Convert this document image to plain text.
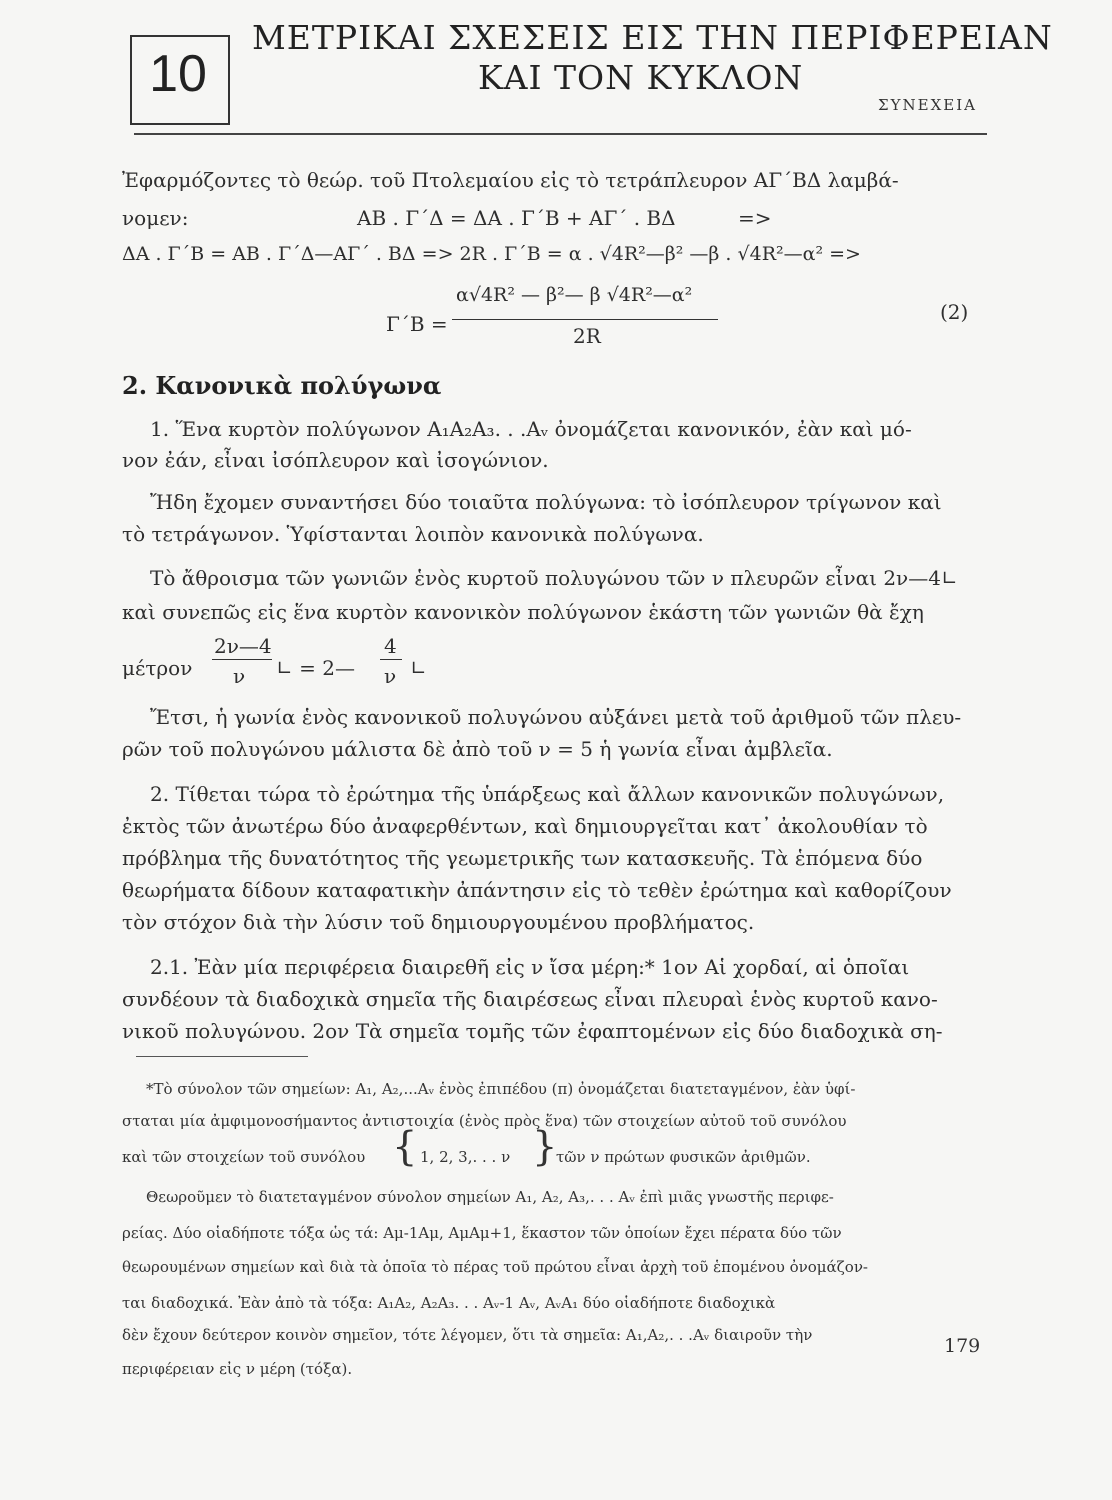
10
ΜΕΤΡΙΚΑΙ ΣΧΕΣΕΙΣ ΕΙΣ ΤΗΝ ΠΕΡΙΦΕΡΕΙΑΝ
ΚΑΙ ΤΟΝ ΚΥΚΛΟΝ
ΣΥΝΕΧΕΙΑ
Ἐφαρμόζοντες τὸ θεώρ. τοῦ Πτολεμαίου εἰς τὸ τετράπλευρον ΑΓ΄ΒΔ λαμβά-
νομεν:	ΑΒ . Γ΄Δ = ΔΑ . Γ΄Β + ΑΓ΄ . ΒΔ	=>
ΔΑ . Γ΄Β = ΑΒ . Γ΄Δ—ΑΓ΄ . ΒΔ => 2R . Γ΄Β = α . √4R²—β² —β . √4R²—α² =>
Γ΄Β =
α√4R² — β²— β √4R²—α²
2R
(2)
2. Κανονικὰ πολύγωνα
1. Ἕνα κυρτὸν πολύγωνον Α₁Α₂Α₃. . .Αᵥ ὀνομάζεται κανονικόν, ἐὰν καὶ μό-
νον ἐάν, εἶναι ἰσόπλευρον καὶ ἰσογώνιον.
Ἤδη ἔχομεν συναντήσει δύο τοιαῦτα πολύγωνα: τὸ ἰσόπλευρον τρίγωνον καὶ
τὸ τετράγωνον. Ὑφίστανται λοιπὸν κανονικὰ πολύγωνα.
Τὸ ἄθροισμα τῶν γωνιῶν ἑνὸς κυρτοῦ πολυγώνου τῶν ν πλευρῶν εἶναι 2ν—4∟
καὶ συνεπῶς εἰς ἕνα κυρτὸν κανονικὸν πολύγωνον ἑκάστη τῶν γωνιῶν θὰ ἔχη
μέτρον
2ν—4
ν ∟ = 2—
4
ν ∟
Ἔτσι, ἡ γωνία ἑνὸς κανονικοῦ πολυγώνου αὐξάνει μετὰ τοῦ ἀριθμοῦ τῶν πλευ-
ρῶν τοῦ πολυγώνου μάλιστα δὲ ἀπὸ τοῦ ν = 5 ἡ γωνία εἶναι ἀμβλεῖα.
2. Τίθεται τώρα τὸ ἐρώτημα τῆς ὑπάρξεως καὶ ἄλλων κανονικῶν πολυγώνων,
ἐκτὸς τῶν ἀνωτέρω δύο ἀναφερθέντων, καὶ δημιουργεῖται κατ᾽ ἀκολουθίαν τὸ
πρόβλημα τῆς δυνατότητος τῆς γεωμετρικῆς των κατασκευῆς. Τὰ ἑπόμενα δύο
θεωρήματα δίδουν καταφατικὴν ἀπάντησιν εἰς τὸ τεθὲν ἐρώτημα καὶ καθορίζουν
τὸν στόχον διὰ τὴν λύσιν τοῦ δημιουργουμένου προβλήματος.
2.1. Ἐὰν μία περιφέρεια διαιρεθῆ εἰς ν ἴσα μέρη:* 1ον Αἱ χορδαί, αἱ ὁποῖαι
συνδέουν τὰ διαδοχικὰ σημεῖα τῆς διαιρέσεως εἶναι πλευραὶ ἑνὸς κυρτοῦ κανο-
νικοῦ πολυγώνου. 2ον Τὰ σημεῖα τομῆς τῶν ἐφαπτομένων εἰς δύο διαδοχικὰ ση-
*Τὸ σύνολον τῶν σημείων: Α₁, Α₂,...Αᵥ ἑνὸς ἐπιπέδου (π) ὀνομάζεται διατεταγμένον, ἐὰν ὑφί-
σταται μία ἀμφιμονοσήμαντος ἀντιστοιχία (ἑνὸς πρὸς ἕνα) τῶν στοιχείων αὐτοῦ τοῦ συνόλου
καὶ τῶν στοιχείων τοῦ συνόλου { 1, 2, 3,. . . ν }
τῶν ν πρώτων φυσικῶν ἀριθμῶν.
Θεωροῦμεν τὸ διατεταγμένον σύνολον σημείων Α₁, Α₂, Α₃,. . . Αᵥ ἐπὶ μιᾶς γνωστῆς περιφε-
ρείας. Δύο οἱαδήποτε τόξα ὡς τά: Αμ-1Αμ, ΑμΑμ+1, ἕκαστον τῶν ὁποίων ἔχει πέρατα δύο τῶν
θεωρουμένων σημείων καὶ διὰ τὰ ὁποῖα τὸ πέρας τοῦ πρώτου εἶναι ἀρχὴ τοῦ ἑπομένου ὀνομάζον-
ται διαδοχικά. Ἐὰν ἀπὸ τὰ τόξα: Α₁Α₂, Α₂Α₃. . . Αᵥ-1 Αᵥ, ΑᵥΑ₁ δύο οἱαδήποτε διαδοχικὰ
δὲν ἔχουν δεύτερον κοινὸν σημεῖον, τότε λέγομεν, ὅτι τὰ σημεῖα: Α₁,Α₂,. . .Αᵥ διαιροῦν τὴν
περιφέρειαν εἰς ν μέρη (τόξα).
179
